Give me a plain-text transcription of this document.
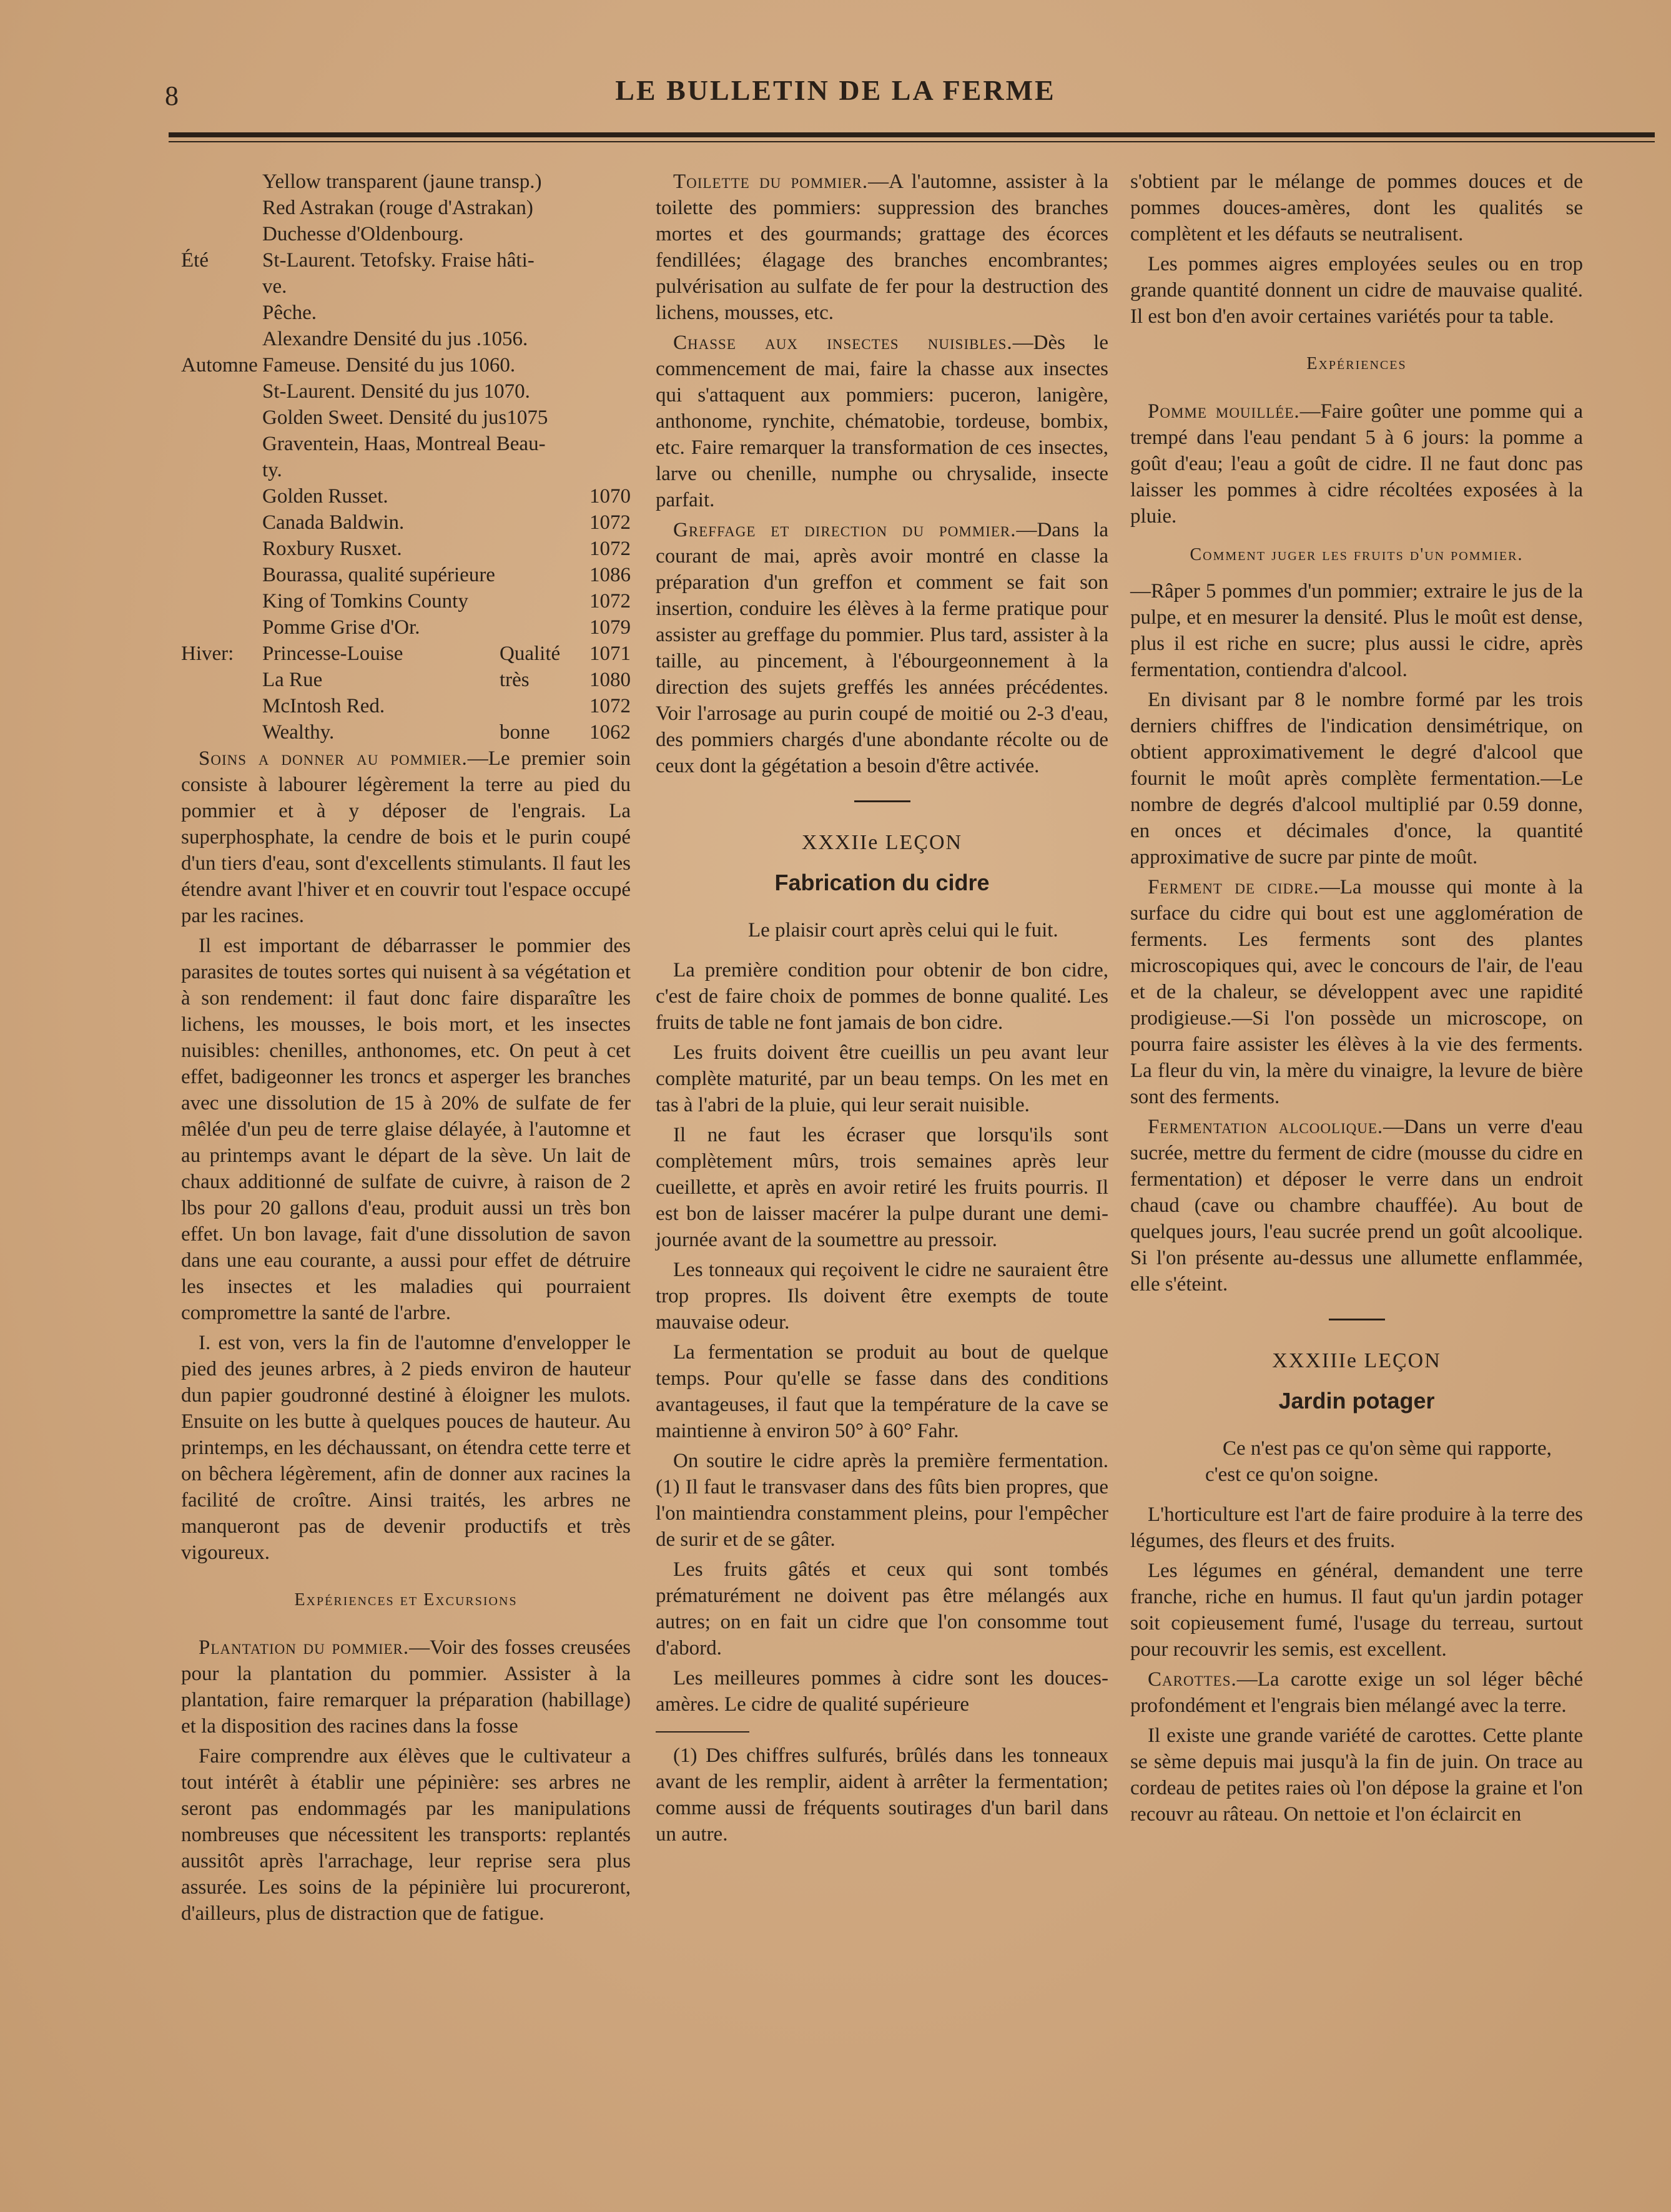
8	LE BULLETIN DE LA FERME
Yellow transparent (jaune transp.)
Red Astrakan (rouge d'Astrakan)
Duchesse d'Oldenbourg.
Été	St-Laurent. Tetofsky. Fraise hâti-
ve.
Pêche.
Alexandre Densité du jus .1056.
Automne Fameuse. Densité du jus 1060.
St-Laurent. Densité du jus 1070.
Golden Sweet. Densité du jus1075
Graventein, Haas, Montreal Beau-
ty.
Golden Russet.	1070
Canada Baldwin.	1072
Roxbury Rusxet.	1072
Bourassa, qualité supérieure	1086
King of Tomkins County	1072
Pomme Grise d'Or.	1079
Hiver:	Princesse-Louise	Qualité	1071
La Rue	très	1080
McIntosh Red.	1072
Wealthy.	bonne	1062

Soins a donner au pommier.—Le premier soin consiste à labourer légèrement la terre au pied du pommier et à y déposer de l'engrais. La superphosphate, la cendre de bois et le purin coupé d'un tiers d'eau, sont d'excellents stimulants. Il faut les étendre avant l'hiver et en couvrir tout l'espace occupé par les racines.

Il est important de débarrasser le pommier des parasites de toutes sortes qui nuisent à sa végétation et à son rendement: il faut donc faire disparaître les lichens, les mousses, le bois mort, et les insectes nuisibles: chenilles, anthonomes, etc. On peut à cet effet, badigeonner les troncs et asperger les branches avec une dissolution de 15 à 20% de sulfate de fer mêlée d'un peu de terre glaise délayée, à l'automne et au printemps avant le départ de la sève. Un lait de chaux additionné de sulfate de cuivre, à raison de 2 lbs pour 20 gallons d'eau, produit aussi un très bon effet. Un bon lavage, fait d'une dissolution de savon dans une eau courante, a aussi pour effet de détruire les insectes et les maladies qui pourraient compromettre la santé de l'arbre.

I. est von, vers la fin de l'automne d'envelopper le pied des jeunes arbres, à 2 pieds environ de hauteur dun papier goudronné destiné à éloigner les mulots. Ensuite on les butte à quelques pouces de hauteur. Au printemps, en les déchaussant, on étendra cette terre et on bêchera légèrement, afin de donner aux racines la facilité de croître. Ainsi traités, les arbres ne manqueront pas de devenir productifs et très vigoureux.

Expériences et Excursions

Plantation du pommier.—Voir des fosses creusées pour la plantation du pommier. Assister à la plantation, faire remarquer la préparation (habillage) et la disposition des racines dans la fosse

Faire comprendre aux élèves que le cultivateur a tout intérêt à établir une pépinière: ses arbres ne seront pas endommagés par les manipulations nombreuses que nécessitent les transports: replantés aussitôt après l'arrachage, leur reprise sera plus assurée. Les soins de la pépinière lui procureront, d'ailleurs, plus de distraction que de fatigue.

Toilette du pommier.—A l'automne, assister à la toilette des pommiers: suppression des branches mortes et des gourmands; grattage des écorces fendillées; élagage des branches encombrantes; pulvérisation au sulfate de fer pour la destruction des lichens, mousses, etc.

Chasse aux insectes nuisibles.—Dès le commencement de mai, faire la chasse aux insectes qui s'attaquent aux pommiers: puceron, lanigère, anthonome, rynchite, chématobie, tordeuse, bombix, etc. Faire remarquer la transformation de ces insectes, larve ou chenille, numphe ou chrysalide, insecte parfait.

Greffage et direction du pommier.—Dans la courant de mai, après avoir montré en classe la préparation d'un greffon et comment se fait son insertion, conduire les élèves à la ferme pratique pour assister au greffage du pommier. Plus tard, assister à la taille, au pincement, à l'ébourgeonnement à la direction des sujets greffés les années précédentes. Voir l'arrosage au purin coupé de moitié ou 2-3 d'eau, des pommiers chargés d'une abondante récolte ou de ceux dont la gégétation a besoin d'être activée.

XXXIIe LEÇON
Fabrication du cidre
Le plaisir court après celui qui le fuit.

La première condition pour obtenir de bon cidre, c'est de faire choix de pommes de bonne qualité. Les fruits de table ne font jamais de bon cidre.

Les fruits doivent être cueillis un peu avant leur complète maturité, par un beau temps. On les met en tas à l'abri de la pluie, qui leur serait nuisible.

Il ne faut les écraser que lorsqu'ils sont complètement mûrs, trois semaines après leur cueillette, et après en avoir retiré les fruits pourris. Il est bon de laisser macérer la pulpe durant une demi-journée avant de la soumettre au pressoir.

Les tonneaux qui reçoivent le cidre ne sauraient être trop propres. Ils doivent être exempts de toute mauvaise odeur.

La fermentation se produit au bout de quelque temps. Pour qu'elle se fasse dans des conditions avantageuses, il faut que la température de la cave se maintienne à environ 50° à 60° Fahr.

On soutire le cidre après la première fermentation.(1) Il faut le transvaser dans des fûts bien propres, que l'on maintiendra constamment pleins, pour l'empêcher de surir et de se gâter.

Les fruits gâtés et ceux qui sont tombés prématurément ne doivent pas être mélangés aux autres; on en fait un cidre que l'on consomme tout d'abord.

Les meilleures pommes à cidre sont les douces-amères. Le cidre de qualité supérieure

(1) Des chiffres sulfurés, brûlés dans les tonneaux avant de les remplir, aident à arrêter la fermentation; comme aussi de fréquents soutirages d'un baril dans un autre.

s'obtient par le mélange de pommes douces et de pommes douces-amères, dont les qualités se complètent et les défauts se neutralisent.

Les pommes aigres employées seules ou en trop grande quantité donnent un cidre de mauvaise qualité. Il est bon d'en avoir certaines variétés pour ta table.

Expériences

Pomme mouillée.—Faire goûter une pomme qui a trempé dans l'eau pendant 5 à 6 jours: la pomme a goût d'eau; l'eau a goût de cidre. Il ne faut donc pas laisser les pommes à cidre récoltées exposées à la pluie.

Comment juger les fruits d'un pommier.

—Râper 5 pommes d'un pommier; extraire le jus de la pulpe, et en mesurer la densité. Plus le moût est dense, plus il est riche en sucre; plus aussi le cidre, après fermentation, contiendra d'alcool.

En divisant par 8 le nombre formé par les trois derniers chiffres de l'indication densimétrique, on obtient approximativement le degré d'alcool que fournit le moût après complète fermentation.—Le nombre de degrés d'alcool multiplié par 0.59 donne, en onces et décimales d'once, la quantité approximative de sucre par pinte de moût.

Ferment de cidre.—La mousse qui monte à la surface du cidre qui bout est une agglomération de ferments. Les ferments sont des plantes microscopiques qui, avec le concours de l'air, de l'eau et de la chaleur, se développent avec une rapidité prodigieuse.—Si l'on possède un microscope, on pourra faire assister les élèves à la vie des ferments. La fleur du vin, la mère du vinaigre, la levure de bière sont des ferments.

Fermentation alcoolique.—Dans un verre d'eau sucrée, mettre du ferment de cidre (mousse du cidre en fermentation) et déposer le verre dans un endroit chaud (cave ou chambre chauffée). Au bout de quelques jours, l'eau sucrée prend un goût alcoolique. Si l'on présente au-dessus une allumette enflammée, elle s'éteint.

XXXIIIe LEÇON
Jardin potager
Ce n'est pas ce qu'on sème qui rapporte, c'est ce qu'on soigne.

L'horticulture est l'art de faire produire à la terre des légumes, des fleurs et des fruits.

Les légumes en général, demandent une terre franche, riche en humus. Il faut qu'un jardin potager soit copieusement fumé, l'usage du terreau, surtout pour recouvrir les semis, est excellent.

Carottes.—La carotte exige un sol léger bêché profondément et l'engrais bien mélangé avec la terre.

Il existe une grande variété de carottes. Cette plante se sème depuis mai jusqu'à la fin de juin. On trace au cordeau de petites raies où l'on dépose la graine et l'on recouvr au râteau. On nettoie et l'on éclaircit en
